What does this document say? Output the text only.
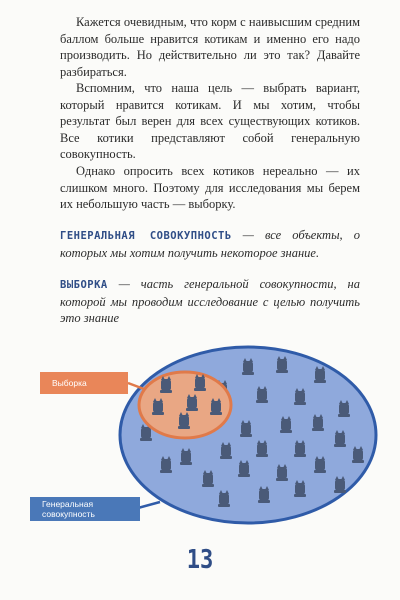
Кажется очевидным, что корм с наивысшим средним баллом больше нравится котикам и именно его надо производить. Но действительно ли это так? Давайте разбираться.

Вспомним, что наша цель — выбрать вариант, который нравится котикам. И мы хотим, чтобы результат был верен для всех существующих котиков. Все котики представляют собой генеральную совокупность.

Однако опросить всех котиков нереально — их слишком много. Поэтому для исследования мы берем их небольшую часть — выборку.

ГЕНЕРАЛЬНАЯ СОВОКУПНОСТЬ — все объекты, о которых мы хотим получить некоторое знание.

ВЫБОРКА — часть генеральной совокупности, на которой мы проводим исследование с целью получить это знание

Выборка
Генеральная совокупность
13
